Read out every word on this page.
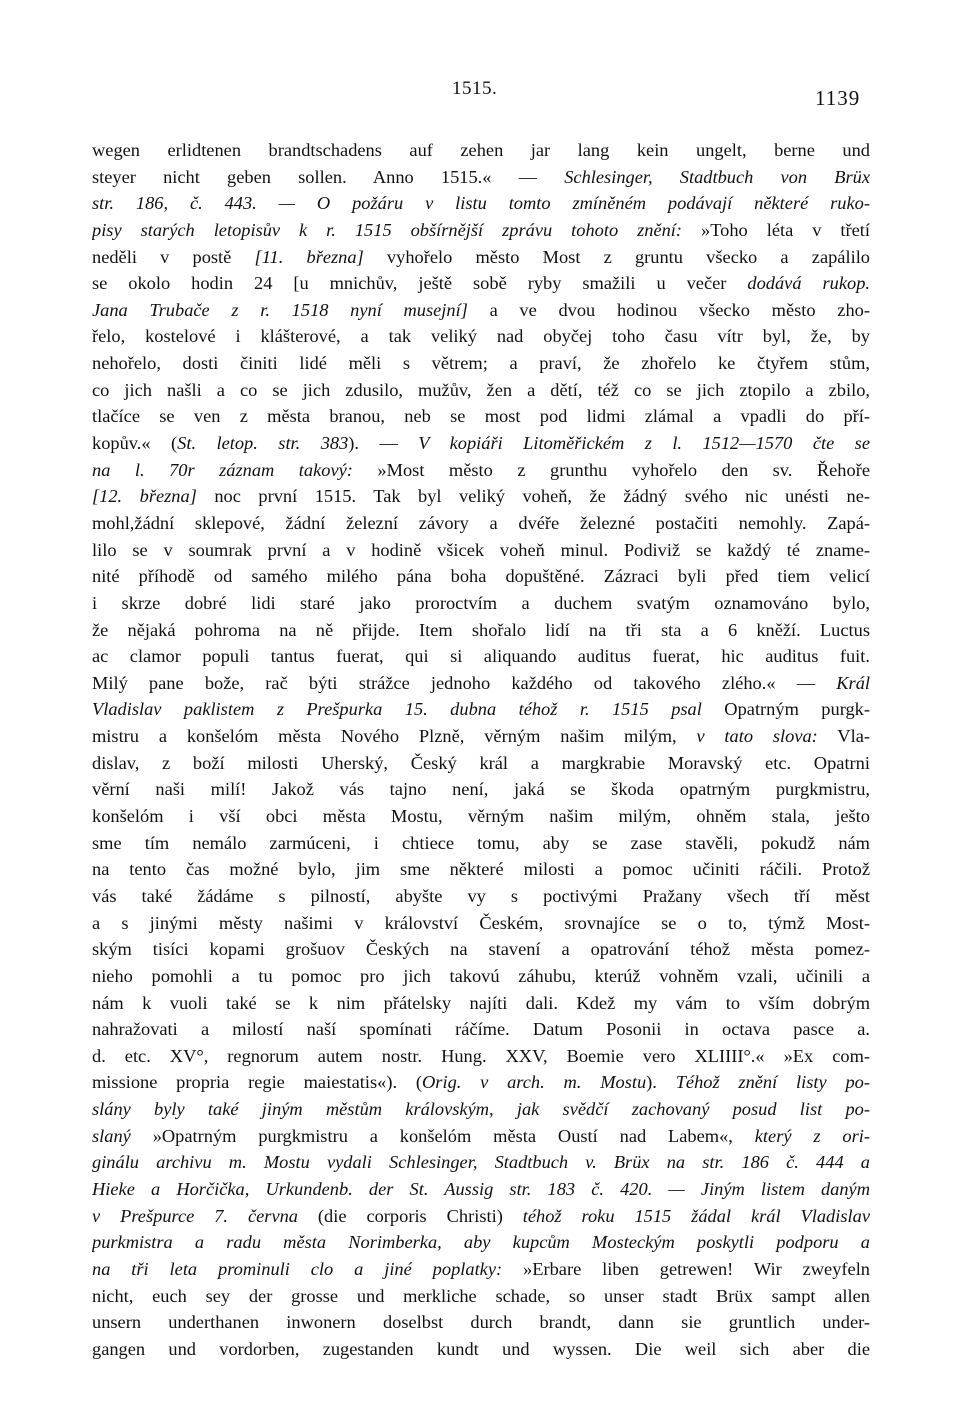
1515.	1139
wegen erlidtenen brandtschadens auf zehen jar lang kein ungelt, berne und
steyer nicht geben sollen. Anno 1515.« — Schlesinger, Stadtbuch von Brüx
str. 186, č. 443. — O požáru v listu tomto zmíněném podávají některé ruko-
pisy starých letopisův k r. 1515 obšírnější zprávu tohoto znění: »Toho léta v třetí
neděli v postě [11. března] vyhořelo město Most z gruntu všecko a zapálilo
se okolo hodin 24 [u mnichův, ještě sobě ryby smažili u večer dodává rukop.
Jana Trubače z r. 1518 nyní musejní] a ve dvou hodinou všecko město zho-
řelo, kostelové i klášterové, a tak veliký nad obyčej toho času vítr byl, že, by
nehořelo, dosti činiti lidé měli s větrem; a praví, že zhořelo ke čtyřem stům,
co jich našli a co se jich zdusilo, mužův, žen a dětí, též co se jich ztopilo a zbilo,
tlačíce se ven z města branou, neb se most pod lidmi zlámal a vpadli do pří-
kopův.« (St. letop. str. 383). — V kopiáři Litoměřickém z l. 1512—1570 čte se
na l. 70r záznam takový: »Most město z grunthu vyhořelo den sv. Řehoře
[12. března] noc první 1515. Tak byl veliký voheň, že žádný svého nic unésti ne-
mohl,žádní sklepové, žádní železní závory a dvéře železné postačiti nemohly. Zapá-
lilo se v soumrak první a v hodině všicek voheň minul. Podiviž se každý té zname-
nité příhodě od samého milého pána boha dopuštěné. Zázraci byli před tiem velicí
i skrze dobré lidi staré jako proroctvím a duchem svatým oznamováno bylo,
že nějaká pohroma na ně přijde. Item shořalo lidí na tři sta a 6 kněží. Luctus
ac clamor populi tantus fuerat, qui si aliquando auditus fuerat, hic auditus fuit.
Milý pane bože, rač býti strážce jednoho každého od takového zlého.« — Král
Vladislav paklistem z Prešpurka 15. dubna téhož r. 1515 psal Opatrným purgk-
mistru a konšelóm města Nového Plzně, věrným našim milým, v tato slova: Vla-
dislav, z boží milosti Uherský, Český král a margkrabie Moravský etc. Opatrni
věrní naši milí! Jakož vás tajno není, jaká se škoda opatrným purgkmistru,
konšelóm i vší obci města Mostu, věrným našim milým, ohněm stala, ješto
sme tím nemálo zarmúceni, i chtiece tomu, aby se zase stavěli, pokudž nám
na tento čas možné bylo, jim sme některé milosti a pomoc učiniti ráčili. Protož
vás také žádáme s pilností, abyšte vy s poctivými Pražany všech tří měst
a s jinými městy našimi v království Českém, srovnajíce se o to, týmž Most-
ským tisíci kopami grošuov Českých na stavení a opatrování téhož města pomez-
nieho pomohli a tu pomoc pro jich takovú záhubu, kterúž vohněm vzali, učinili a
nám k vuoli také se k nim přátelsky najíti dali. Kdež my vám to vším dobrým
nahražovati a milostí naší spomínati ráčíme. Datum Posonii in octava pasce a.
d. etc. XV°, regnorum autem nostr. Hung. XXV, Boemie vero XLIIII°.« »Ex com-
missione propria regie maiestatis«). (Orig. v arch. m. Mostu). Téhož znění listy po-
slány byly také jiným městům královským, jak svědčí zachovaný posud list po-
slaný »Opatrným purgkmistru a konšelóm města Oustí nad Labem«, který z ori-
ginálu archivu m. Mostu vydali Schlesinger, Stadtbuch v. Brüx na str. 186 č. 444 a
Hieke a Horčička, Urkundenb. der St. Aussig str. 183 č. 420. — Jiným listem daným
v Prešpurce 7. června (die corporis Christi) téhož roku 1515 žádal král Vladislav
purkmistra a radu města Norimberka, aby kupcům Mosteckým poskytli podporu a
na tři leta prominuli clo a jiné poplatky: »Erbare liben getrewen! Wir zweyfeln
nicht, euch sey der grosse und merkliche schade, so unser stadt Brüx sampt allen
unsern underthanen inwonern doselbst durch brandt, dann sie gruntlich under-
gangen und vordorben, zugestanden kundt und wyssen. Die weil sich aber die
